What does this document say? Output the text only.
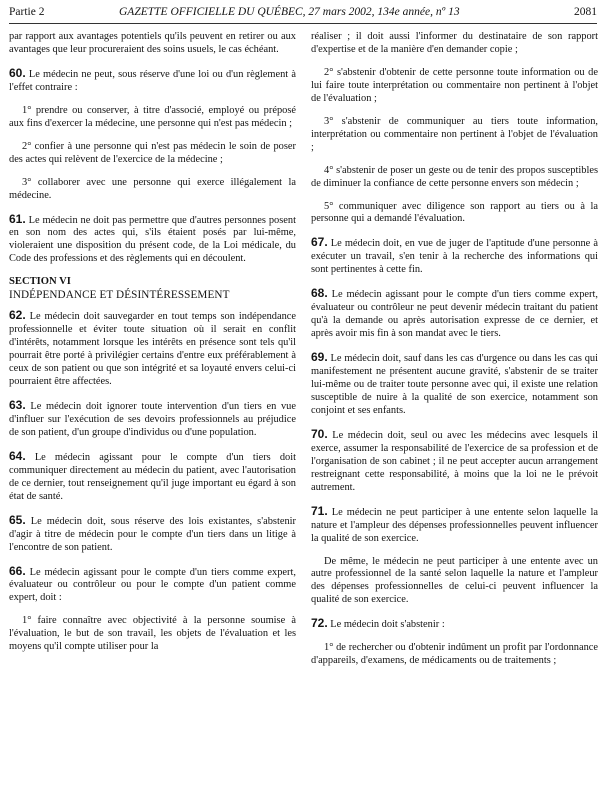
Partie 2	GAZETTE OFFICIELLE DU QUÉBEC, 27 mars 2002, 134e année, nº 13	2081

par rapport aux avantages potentiels qu'ils peuvent en retirer ou aux avantages que leur procureraient des soins usuels, le cas échéant.

60. Le médecin ne peut, sous réserve d'une loi ou d'un règlement à l'effet contraire :

1° prendre ou conserver, à titre d'associé, employé ou préposé aux fins d'exercer la médecine, une personne qui n'est pas médecin ;

2° confier à une personne qui n'est pas médecin le soin de poser des actes qui relèvent de l'exercice de la médecine ;

3° collaborer avec une personne qui exerce illégalement la médecine.

61. Le médecin ne doit pas permettre que d'autres personnes posent en son nom des actes qui, s'ils étaient posés par lui-même, violeraient une disposition du présent code, de la Loi médicale, du Code des professions et des règlements qui en découlent.

SECTION VI

INDÉPENDANCE ET DÉSINTÉRESSEMENT

62. Le médecin doit sauvegarder en tout temps son indépendance professionnelle et éviter toute situation où il serait en conflit d'intérêts, notamment lorsque les intérêts en présence sont tels qu'il pourrait être porté à privilégier certains d'entre eux préférablement à ceux de son patient ou que son intégrité et sa loyauté envers celui-ci pourraient être affectées.

63. Le médecin doit ignorer toute intervention d'un tiers en vue d'influer sur l'exécution de ses devoirs professionnels au préjudice de son patient, d'un groupe d'individus ou d'une population.

64. Le médecin agissant pour le compte d'un tiers doit communiquer directement au médecin du patient, avec l'autorisation de ce dernier, tout renseignement qu'il juge important eu égard à son état de santé.

65. Le médecin doit, sous réserve des lois existantes, s'abstenir d'agir à titre de médecin pour le compte d'un tiers dans un litige à l'encontre de son patient.

66. Le médecin agissant pour le compte d'un tiers comme expert, évaluateur ou contrôleur ou pour le compte d'un patient comme expert, doit :

1° faire connaître avec objectivité à la personne soumise à l'évaluation, le but de son travail, les objets de l'évaluation et les moyens qu'il compte utiliser pour la

réaliser ; il doit aussi l'informer du destinataire de son rapport d'expertise et de la manière d'en demander copie ;

2° s'abstenir d'obtenir de cette personne toute information ou de lui faire toute interprétation ou commentaire non pertinent à l'objet de l'évaluation ;

3° s'abstenir de communiquer au tiers toute information, interprétation ou commentaire non pertinent à l'objet de l'évaluation ;

4° s'abstenir de poser un geste ou de tenir des propos susceptibles de diminuer la confiance de cette personne envers son médecin ;

5° communiquer avec diligence son rapport au tiers ou à la personne qui a demandé l'évaluation.

67. Le médecin doit, en vue de juger de l'aptitude d'une personne à exécuter un travail, s'en tenir à la recherche des informations qui sont pertinentes à cette fin.

68. Le médecin agissant pour le compte d'un tiers comme expert, évaluateur ou contrôleur ne peut devenir médecin traitant du patient qu'à la demande ou après autorisation expresse de ce dernier, et après avoir mis fin à son mandat avec le tiers.

69. Le médecin doit, sauf dans les cas d'urgence ou dans les cas qui manifestement ne présentent aucune gravité, s'abstenir de se traiter lui-même ou de traiter toute personne avec qui, il existe une relation susceptible de nuire à la qualité de son exercice, notamment son conjoint et ses enfants.

70. Le médecin doit, seul ou avec les médecins avec lesquels il exerce, assumer la responsabilité de l'exercice de sa profession et de l'organisation de son cabinet ; il ne peut accepter aucun arrangement restreignant cette responsabilité, à moins que la loi ne le prévoit autrement.

71. Le médecin ne peut participer à une entente selon laquelle la nature et l'ampleur des dépenses professionnelles peuvent influencer la qualité de son exercice.

De même, le médecin ne peut participer à une entente avec un autre professionnel de la santé selon laquelle la nature et l'ampleur des dépenses professionnelles de celui-ci peuvent influencer la qualité de son exercice.

72. Le médecin doit s'abstenir :

1° de rechercher ou d'obtenir indûment un profit par l'ordonnance d'appareils, d'examens, de médicaments ou de traitements ;
